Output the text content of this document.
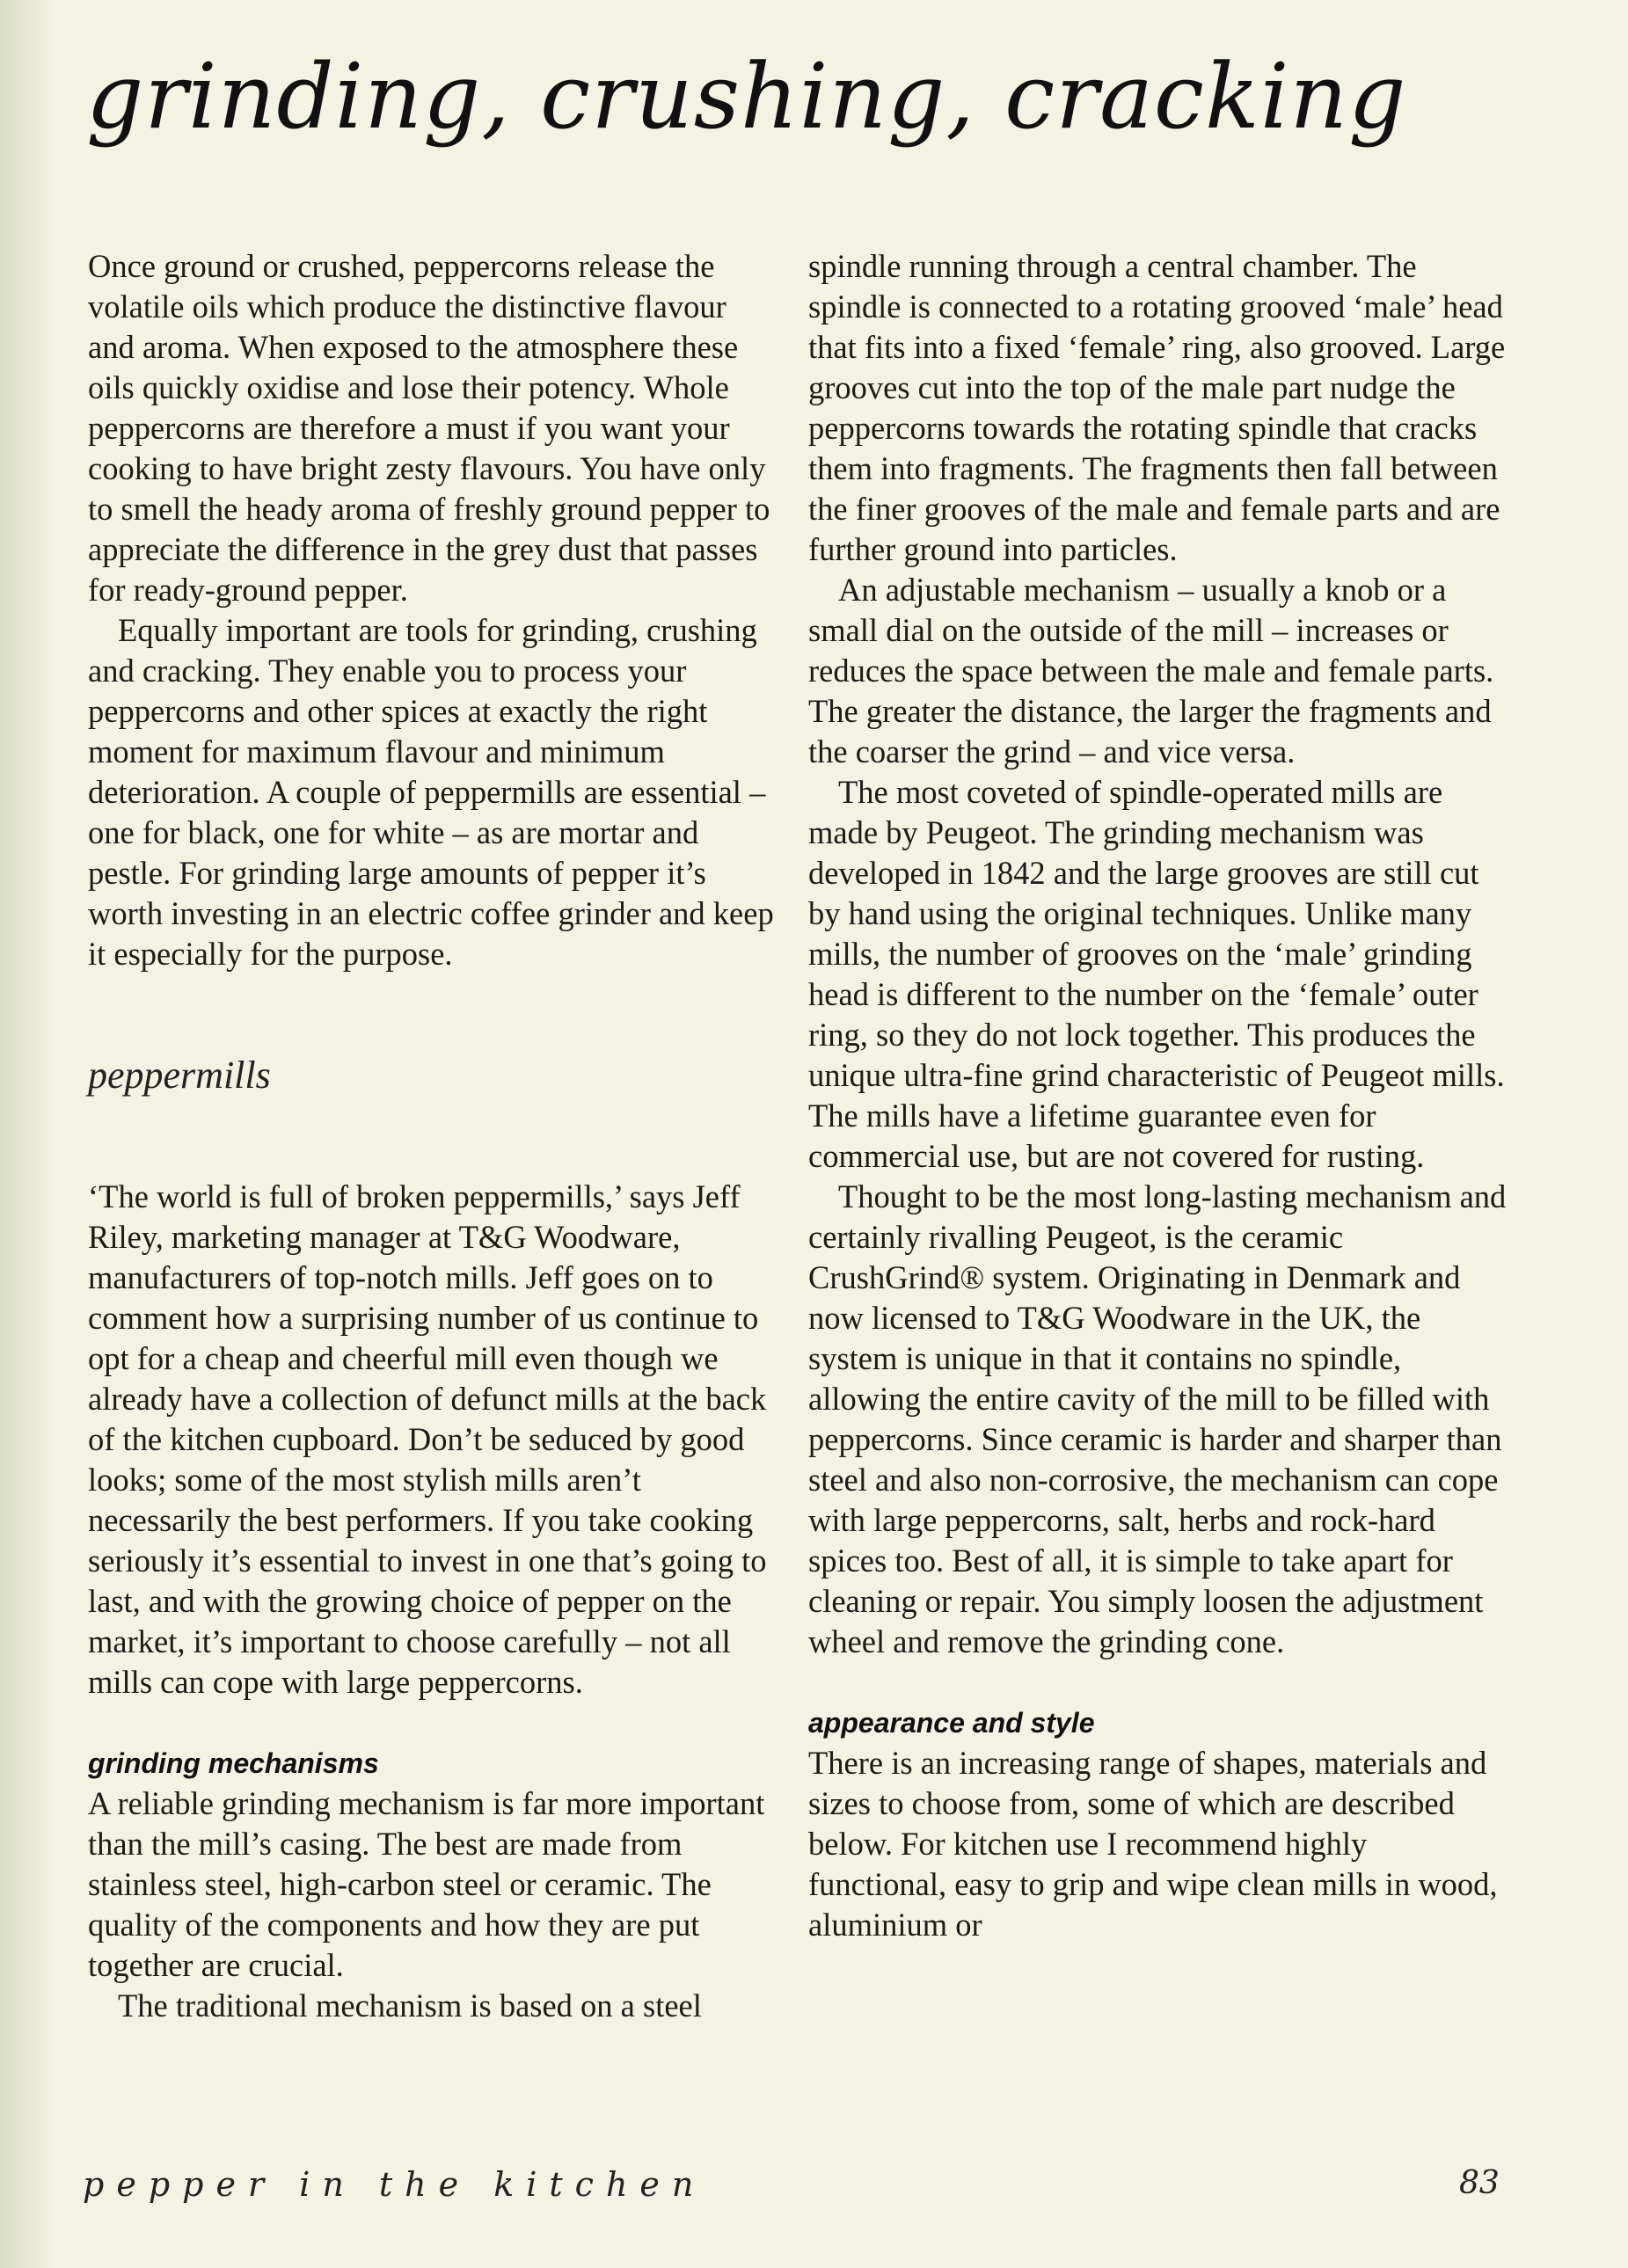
grinding, crushing, cracking

Once ground or crushed, peppercorns release the volatile oils which produce the distinctive flavour and aroma. When exposed to the atmosphere these oils quickly oxidise and lose their potency. Whole peppercorns are therefore a must if you want your cooking to have bright zesty flavours. You have only to smell the heady aroma of freshly ground pepper to appreciate the difference in the grey dust that passes for ready-ground pepper.

Equally important are tools for grinding, crushing and cracking. They enable you to process your peppercorns and other spices at exactly the right moment for maximum flavour and minimum deterioration. A couple of peppermills are essential – one for black, one for white – as are mortar and pestle. For grinding large amounts of pepper it’s worth investing in an electric coffee grinder and keep it especially for the purpose.

peppermills

‘The world is full of broken peppermills,’ says Jeff Riley, marketing manager at T&G Woodware, manufacturers of top-notch mills. Jeff goes on to comment how a surprising number of us continue to opt for a cheap and cheerful mill even though we already have a collection of defunct mills at the back of the kitchen cupboard. Don’t be seduced by good looks; some of the most stylish mills aren’t necessarily the best performers. If you take cooking seriously it’s essential to invest in one that’s going to last, and with the growing choice of pepper on the market, it’s important to choose carefully – not all mills can cope with large peppercorns.

grinding mechanisms

A reliable grinding mechanism is far more important than the mill’s casing. The best are made from stainless steel, high-carbon steel or ceramic. The quality of the components and how they are put together are crucial.

The traditional mechanism is based on a steel

spindle running through a central chamber. The spindle is connected to a rotating grooved ‘male’ head that fits into a fixed ‘female’ ring, also grooved. Large grooves cut into the top of the male part nudge the peppercorns towards the rotating spindle that cracks them into fragments. The fragments then fall between the finer grooves of the male and female parts and are further ground into particles.

An adjustable mechanism – usually a knob or a small dial on the outside of the mill – increases or reduces the space between the male and female parts. The greater the distance, the larger the fragments and the coarser the grind – and vice versa.

The most coveted of spindle-operated mills are made by Peugeot. The grinding mechanism was developed in 1842 and the large grooves are still cut by hand using the original techniques. Unlike many mills, the number of grooves on the ‘male’ grinding head is different to the number on the ‘female’ outer ring, so they do not lock together. This produces the unique ultra-fine grind characteristic of Peugeot mills. The mills have a lifetime guarantee even for commercial use, but are not covered for rusting.

Thought to be the most long-lasting mechanism and certainly rivalling Peugeot, is the ceramic CrushGrind® system. Originating in Denmark and now licensed to T&G Woodware in the UK, the system is unique in that it contains no spindle, allowing the entire cavity of the mill to be filled with peppercorns. Since ceramic is harder and sharper than steel and also non-corrosive, the mechanism can cope with large peppercorns, salt, herbs and rock-hard spices too. Best of all, it is simple to take apart for cleaning or repair. You simply loosen the adjustment wheel and remove the grinding cone.

appearance and style

There is an increasing range of shapes, materials and sizes to choose from, some of which are described below. For kitchen use I recommend highly functional, easy to grip and wipe clean mills in wood, aluminium or

pepper in the kitchen	83
